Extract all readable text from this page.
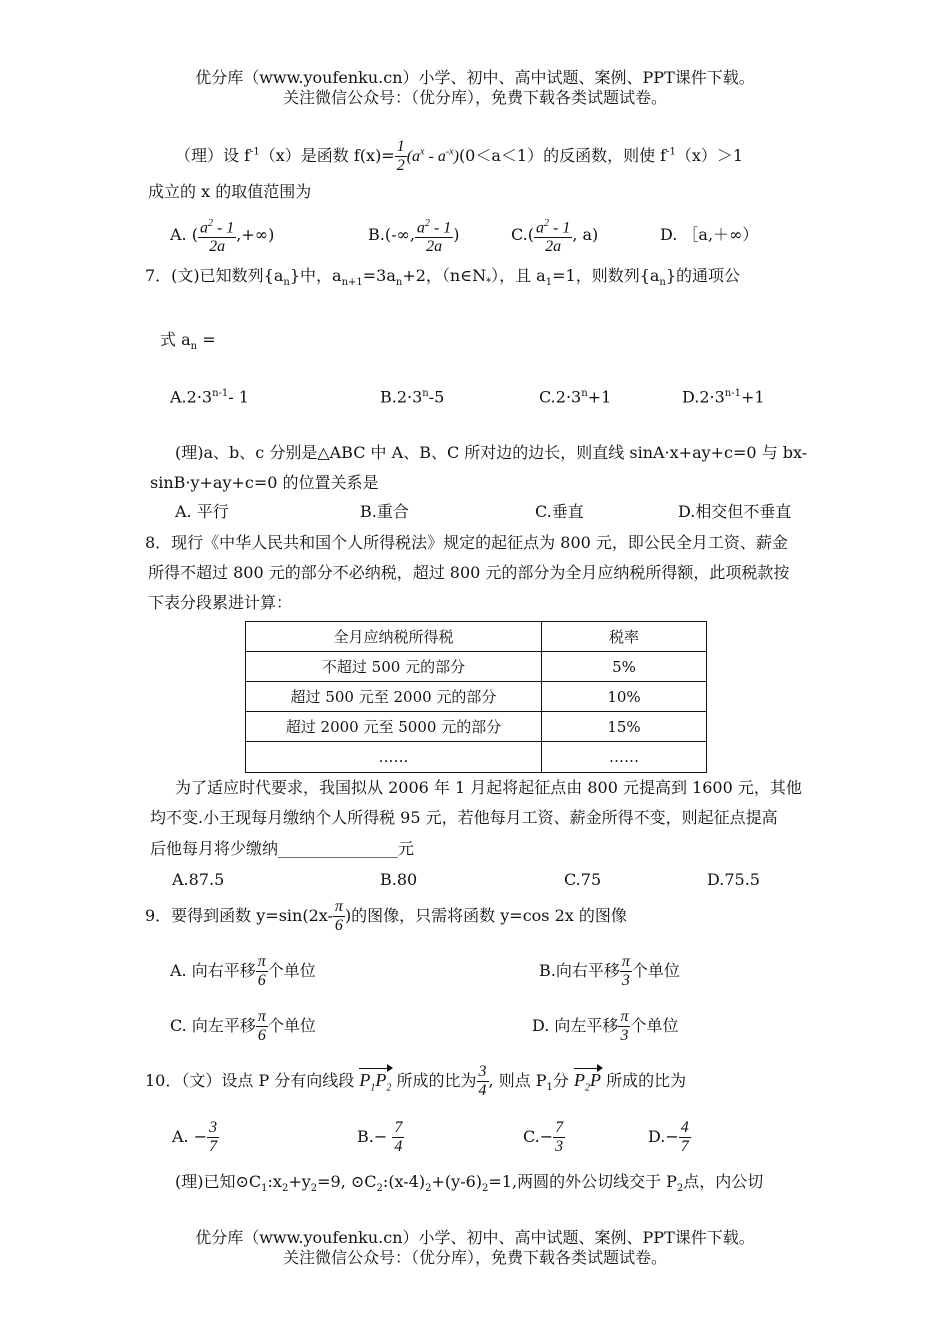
优分库（www.youfenku.cn）小学、初中、高中试题、案例、PPT课件下载。
关注微信公众号：（优分库），免费下载各类试题试卷。
（理）设 $f^{-1}(x)$是函数 $f(x)= \frac{1}{2} (a^x - a^{-x})(0<a<1)$的反函数，则使 $f^{-1}(x)>1$
成立的 x 的取值范围为
A. ( $\frac{a^2 - 1}{2a}$ ,+∞)	B.(-∞, $\frac{a^2 - 1}{2a}$ )	$C.( \frac{a^2 - 1}{2a}$ , a)	D. ［a,＋∞）
7．(文)已知数列$\{a_n\}$中，$a_{n+1}=3a_n+2$，$(n\in N_*)$，且 $a_1=1$，则数列$\{a_n\}$的通项公
式 $a_n$ =
$A.2\cdot 3^{n-1}-$ 1	$B.2\cdot 3^n-5$	$C.2\cdot 3^n+1$	$D.2\cdot 3^{n-1}+1$
(理)a、b、c 分别是△ABC 中 A、B、C 所对边的边长，则直线 sinA·x+ay+c=0 与 bx-
sinB·y+ay+c=0 的位置关系是
A. 平行	B.重合	C.垂直	D.相交但不垂直
8．现行《中华人民共和国个人所得税法》规定的起征点为 800 元，即公民全月工资、薪金
所得不超过 800 元的部分不必纳税，超过 800 元的部分为全月应纳税所得额，此项税款按
下表分段累进计算：
全月应纳税所得税	税率
不超过 500 元的部分	5%
超过 500 元至 2000 元的部分	10%
超过 2000 元至 5000 元的部分	15%
……	……
为了适应时代要求，我国拟从 2006 年 1 月起将起征点由 800 元提高到 1600 元，其他
均不变.小王现每月缴纳个人所得税 95 元，若他每月工资、薪金所得不变，则起征点提高
后他每月将少缴纳_______________元
A.87.5	B.80	C.75	D.75.5
9．要得到函数 $y=\sin(2x- \frac{\pi}{6}$ )的图像，只需将函数 y=cos 2x 的图像
A. 向右平移 $\frac{\pi}{6}$ 个单位	B.向右平移 $\frac{\pi}{3}$ 个单位
C. 向左平移 $\frac{\pi}{6}$ 个单位	D. 向左平移 $\frac{\pi}{3}$ 个单位
10．（文）设点 P 分有向线段 $P_1P_2$ 所成的比为 $\frac{3}{4}$ , 则点 $P_1$分 $P_2P$ 所成的比为
A. − $\frac{3}{7}$	$B.- \frac{7}{4}$	$C.- \frac{7}{3}$	$D.- \frac{4}{7}$
(理)已知$⊙C_1:x_2+y_2=9$, $⊙C_2:(x-4)_2+(y-6)_2=1$,两圆的外公切线交于 $P_2$点，内公切
优分库（www.youfenku.cn）小学、初中、高中试题、案例、PPT课件下载。
关注微信公众号：（优分库），免费下载各类试题试卷。
